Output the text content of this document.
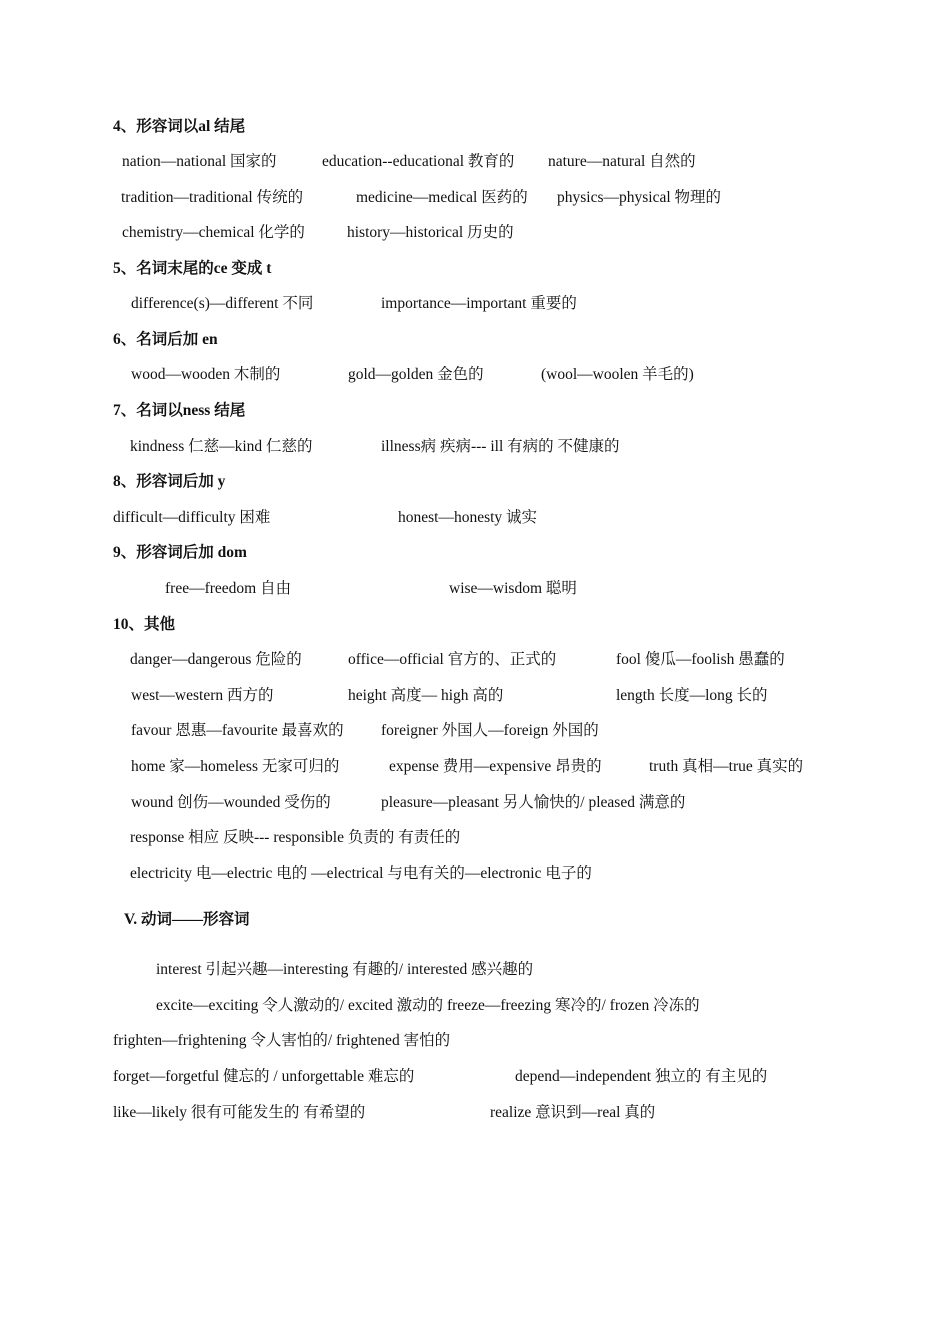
4、形容词以al 结尾
nation—national 国家的	education--educational 教育的 nature—natural 自然的
tradition—traditional 传统的	medicine—medical 医药的 physics—physical 物理的
chemistry—chemical 化学的	history—historical 历史的
5、名词末尾的ce 变成 t
difference(s)—different 不同	importance—important 重要的
6、名词后加 en
wood—wooden 木制的	gold—golden 金色的	(wool—woolen 羊毛的)
7、名词以ness 结尾
kindness 仁慈—kind 仁慈的	illness病 疾病--- ill 有病的 不健康的
8、形容词后加 y
difficult—difficulty 困难	honest—honesty 诚实
9、形容词后加 dom
free—freedom 自由	wise—wisdom 聪明
10、其他
danger—dangerous 危险的	office—official 官方的、正式的	fool 傻瓜—foolish 愚蠢的
west—western 西方的	height 高度— high 高的	length 长度—long 长的
favour 恩惠—favourite 最喜欢的 foreigner 外国人—foreign 外国的
home 家—homeless 无家可归的	expense 费用—expensive 昂贵的	truth 真相—true 真实的
wound 创伤—wounded 受伤的	pleasure—pleasant 另人愉快的/ pleased 满意的
response 相应 反映--- responsible 负责的 有责任的
electricity 电—electric 电的 —electrical 与电有关的—electronic 电子的
V. 动词——形容词
interest 引起兴趣—interesting 有趣的/ interested 感兴趣的
excite—exciting 令人激动的/ excited 激动的 freeze—freezing 寒冷的/ frozen 冷冻的
frighten—frightening 令人害怕的/ frightened 害怕的
forget—forgetful 健忘的 / unforgettable 难忘的	depend—independent 独立的 有主见的
like—likely 很有可能发生的 有希望的	realize 意识到—real 真的
